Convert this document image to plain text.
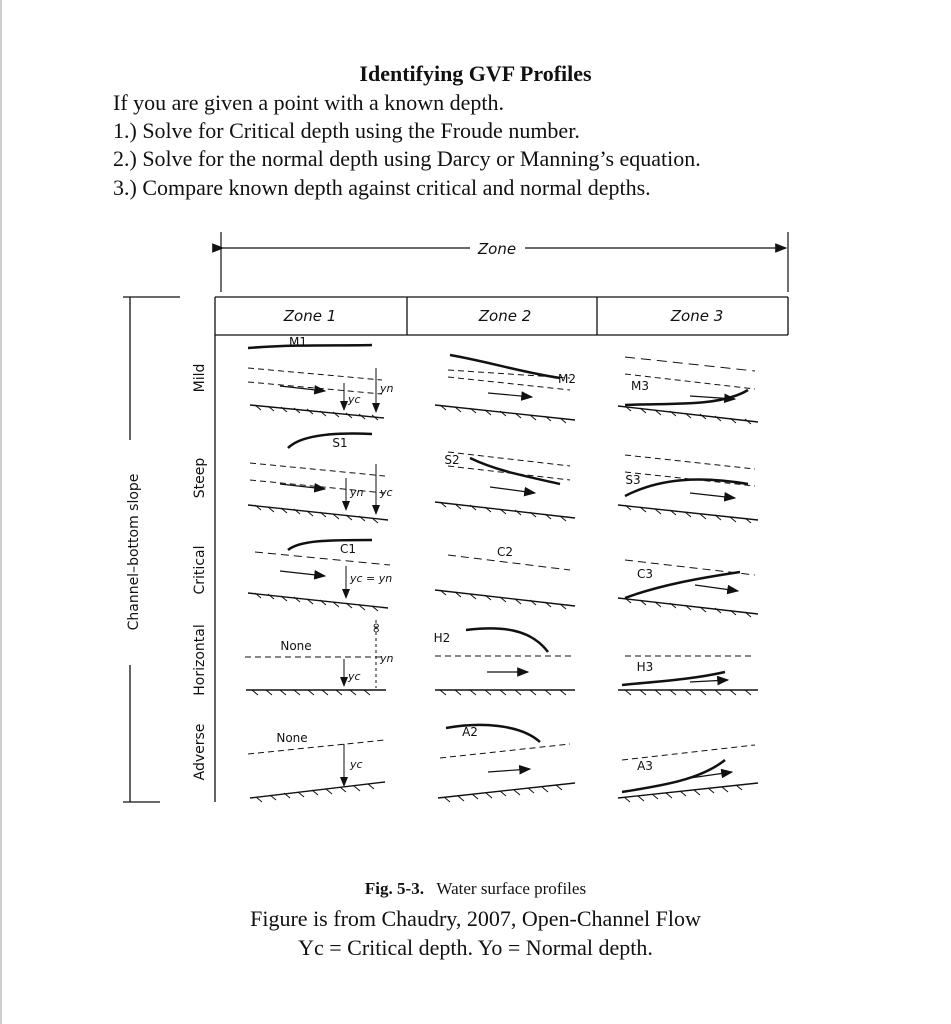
Identifying GVF Profiles
If you are given a point with a known depth.
1.) Solve for Critical depth using the Froude number.
2.) Solve for the normal depth using Darcy or Manning’s equation.
3.) Compare known depth against critical and normal depths.
Zone
Zone 1	Zone 2	Zone 3
Channel–bottom slope
Mild
Steep
Critical
Horizontal
Adverse
M1
M2	M3
yc
yn
S1
S2
S3
yn yc
C1	C2
C3
yc = yn
None
H2
H3
∞
yc
yn
None	A2
A3
yc
Fig. 5-3. Water surface profiles
Figure is from Chaudry, 2007, Open-Channel Flow
Yc = Critical depth. Yo = Normal depth.
